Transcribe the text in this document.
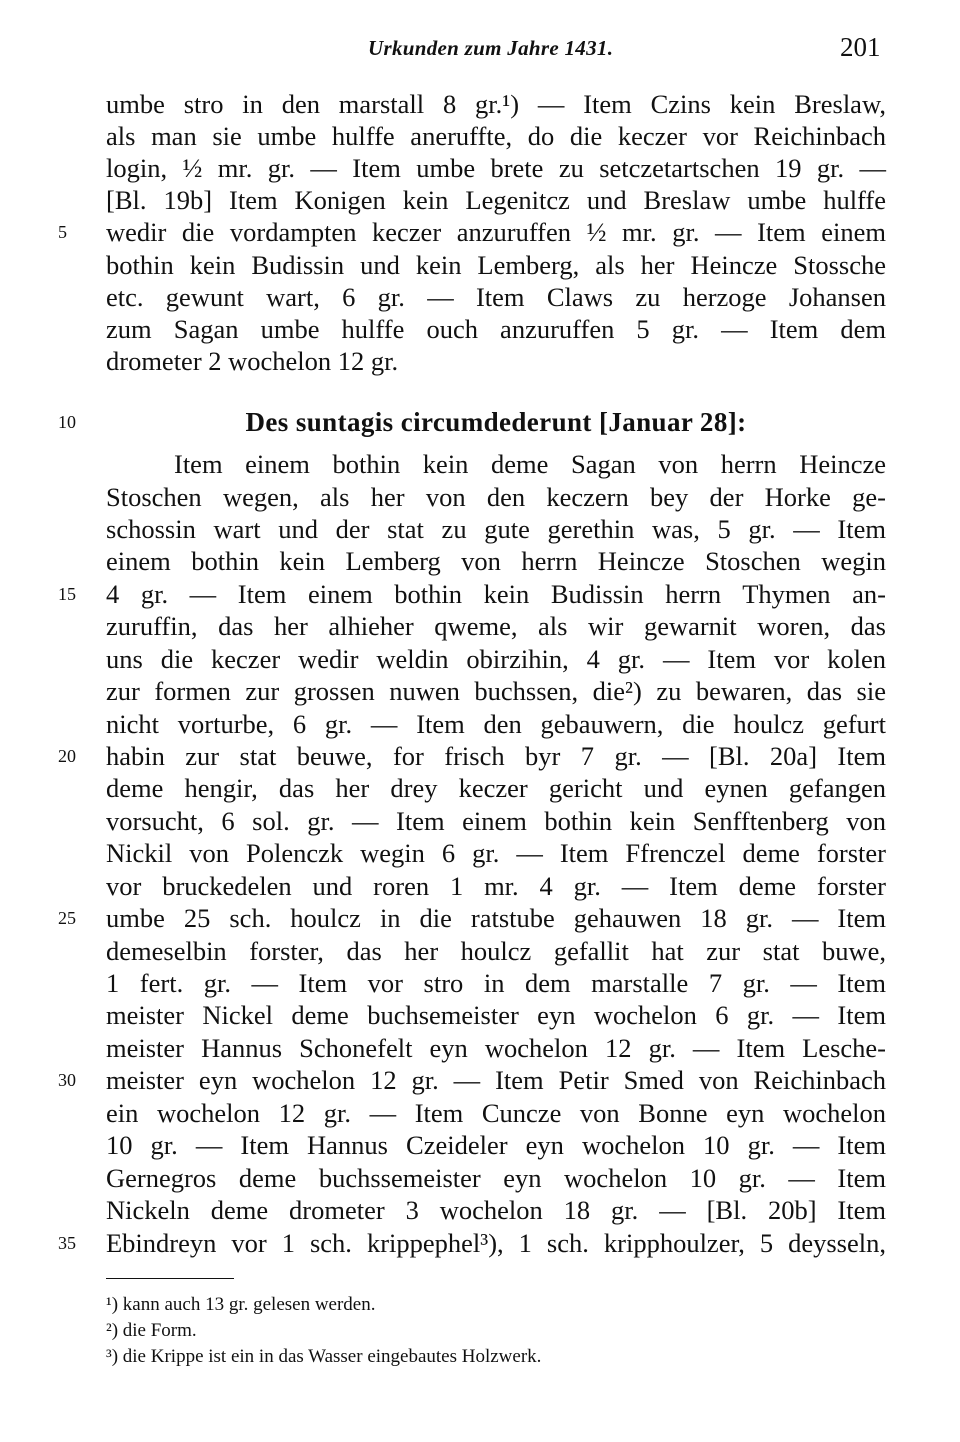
Urkunden zum Jahre 1431.	201

umbe stro in den marstall 8 gr.¹) — Item Czins kein Breslaw,

als man sie umbe hulffe aneruffte, do die keczer vor Reichinbach

login, ½ mr. gr. — Item umbe brete zu setczetartschen 19 gr. —

[Bl. 19b] Item Konigen kein Legenitcz und Breslaw umbe hulffe

wedir die vordampten keczer anzuruffen ½ mr. gr. — Item einem

bothin kein Budissin und kein Lemberg, als her Heincze Stossche

etc. gewunt wart, 6 gr. — Item Claws zu herzoge Johansen

zum Sagan umbe hulffe ouch anzuruffen 5 gr. — Item dem

drometer 2 wochelon 12 gr.

Des suntagis circumdederunt [Januar 28]:

Item einem bothin kein deme Sagan von herrn Heincze

Stoschen wegen, als her von den keczern bey der Horke ge-

schossin wart und der stat zu gute gerethin was, 5 gr. — Item

einem bothin kein Lemberg von herrn Heincze Stoschen wegin

4 gr. — Item einem bothin kein Budissin herrn Thymen an-

zuruffin, das her alhieher qweme, als wir gewarnit woren, das

uns die keczer wedir weldin obirzihin, 4 gr. — Item vor kolen

zur formen zur grossen nuwen buchssen, die²) zu bewaren, das sie

nicht vorturbe, 6 gr. — Item den gebauwern, die houlcz gefurt

habin zur stat beuwe, for frisch byr 7 gr. — [Bl. 20a] Item

deme hengir, das her drey keczer gericht und eynen gefangen

vorsucht, 6 sol. gr. — Item einem bothin kein Senfftenberg von

Nickil von Polenczk wegin 6 gr. — Item Ffrenczel deme forster

vor bruckedelen und roren 1 mr. 4 gr. — Item deme forster

umbe 25 sch. houlcz in die ratstube gehauwen 18 gr. — Item

demeselbin forster, das her houlcz gefallit hat zur stat buwe,

1 fert. gr. — Item vor stro in dem marstalle 7 gr. — Item

meister Nickel deme buchsemeister eyn wochelon 6 gr. — Item

meister Hannus Schonefelt eyn wochelon 12 gr. — Item Lesche-

meister eyn wochelon 12 gr. — Item Petir Smed von Reichinbach

ein wochelon 12 gr. — Item Cuncze von Bonne eyn wochelon

10 gr. — Item Hannus Czeideler eyn wochelon 10 gr. — Item

Gernegros deme buchssemeister eyn wochelon 10 gr. — Item

Nickeln deme drometer 3 wochelon 18 gr. — [Bl. 20b] Item

Ebindreyn vor 1 sch. krippephel³), 1 sch. kripphoulzer, 5 deysseln,

5
10
15
20
25
30
35
¹) kann auch 13 gr. gelesen werden.
²) die Form.
³) die Krippe ist ein in das Wasser eingebautes Holzwerk.
